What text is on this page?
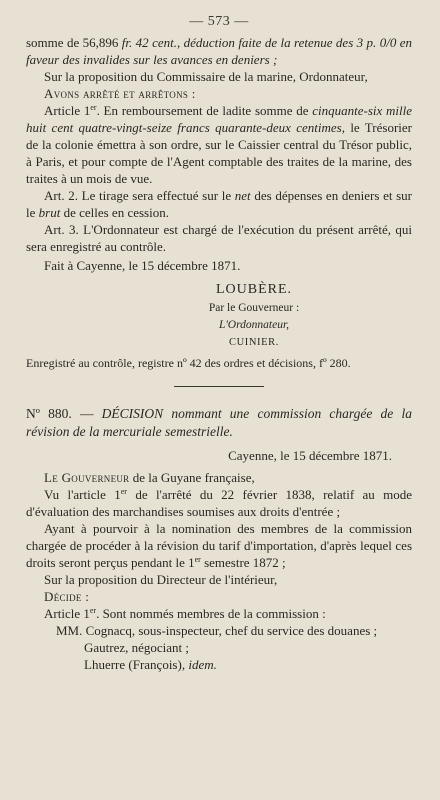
— 573 —

somme de 56,896 fr. 42 cent., déduction faite de la retenue des 3 p. 0/0 en faveur des invalides sur les avances en deniers ;

Sur la proposition du Commissaire de la marine, Ordonnateur,

Avons arrêté et arrêtons :

Article 1er. En remboursement de ladite somme de cinquante-six mille huit cent quatre-vingt-seize francs quarante-deux centimes, le Trésorier de la colonie émettra à son ordre, sur le Caissier central du Trésor public, à Paris, et pour compte de l'Agent comptable des traites de la marine, des traites à un mois de vue.

Art. 2. Le tirage sera effectué sur le net des dépenses en deniers et sur le brut de celles en cession.

Art. 3. L'Ordonnateur est chargé de l'exécution du présent arrêté, qui sera enregistré au contrôle.

Fait à Cayenne, le 15 décembre 1871.

LOUBÈRE.
Par le Gouverneur :
L'Ordonnateur,
CUINIER.

Enregistré au contrôle, registre nº 42 des ordres et décisions, fº 280.

Nº 880. — DÉCISION nommant une commission chargée de la révision de la mercuriale semestrielle.

Cayenne, le 15 décembre 1871.

Le Gouverneur de la Guyane française,

Vu l'article 1er de l'arrêté du 22 février 1838, relatif au mode d'évaluation des marchandises soumises aux droits d'entrée ;

Ayant à pourvoir à la nomination des membres de la commission chargée de procéder à la révision du tarif d'importation, d'après lequel ces droits seront perçus pendant le 1er semestre 1872 ;

Sur la proposition du Directeur de l'intérieur,

Décide :

Article 1er. Sont nommés membres de la commission :

MM. Cognacq, sous-inspecteur, chef du service des douanes ;

Gautrez, négociant ;

Lhuerre (François), idem.
